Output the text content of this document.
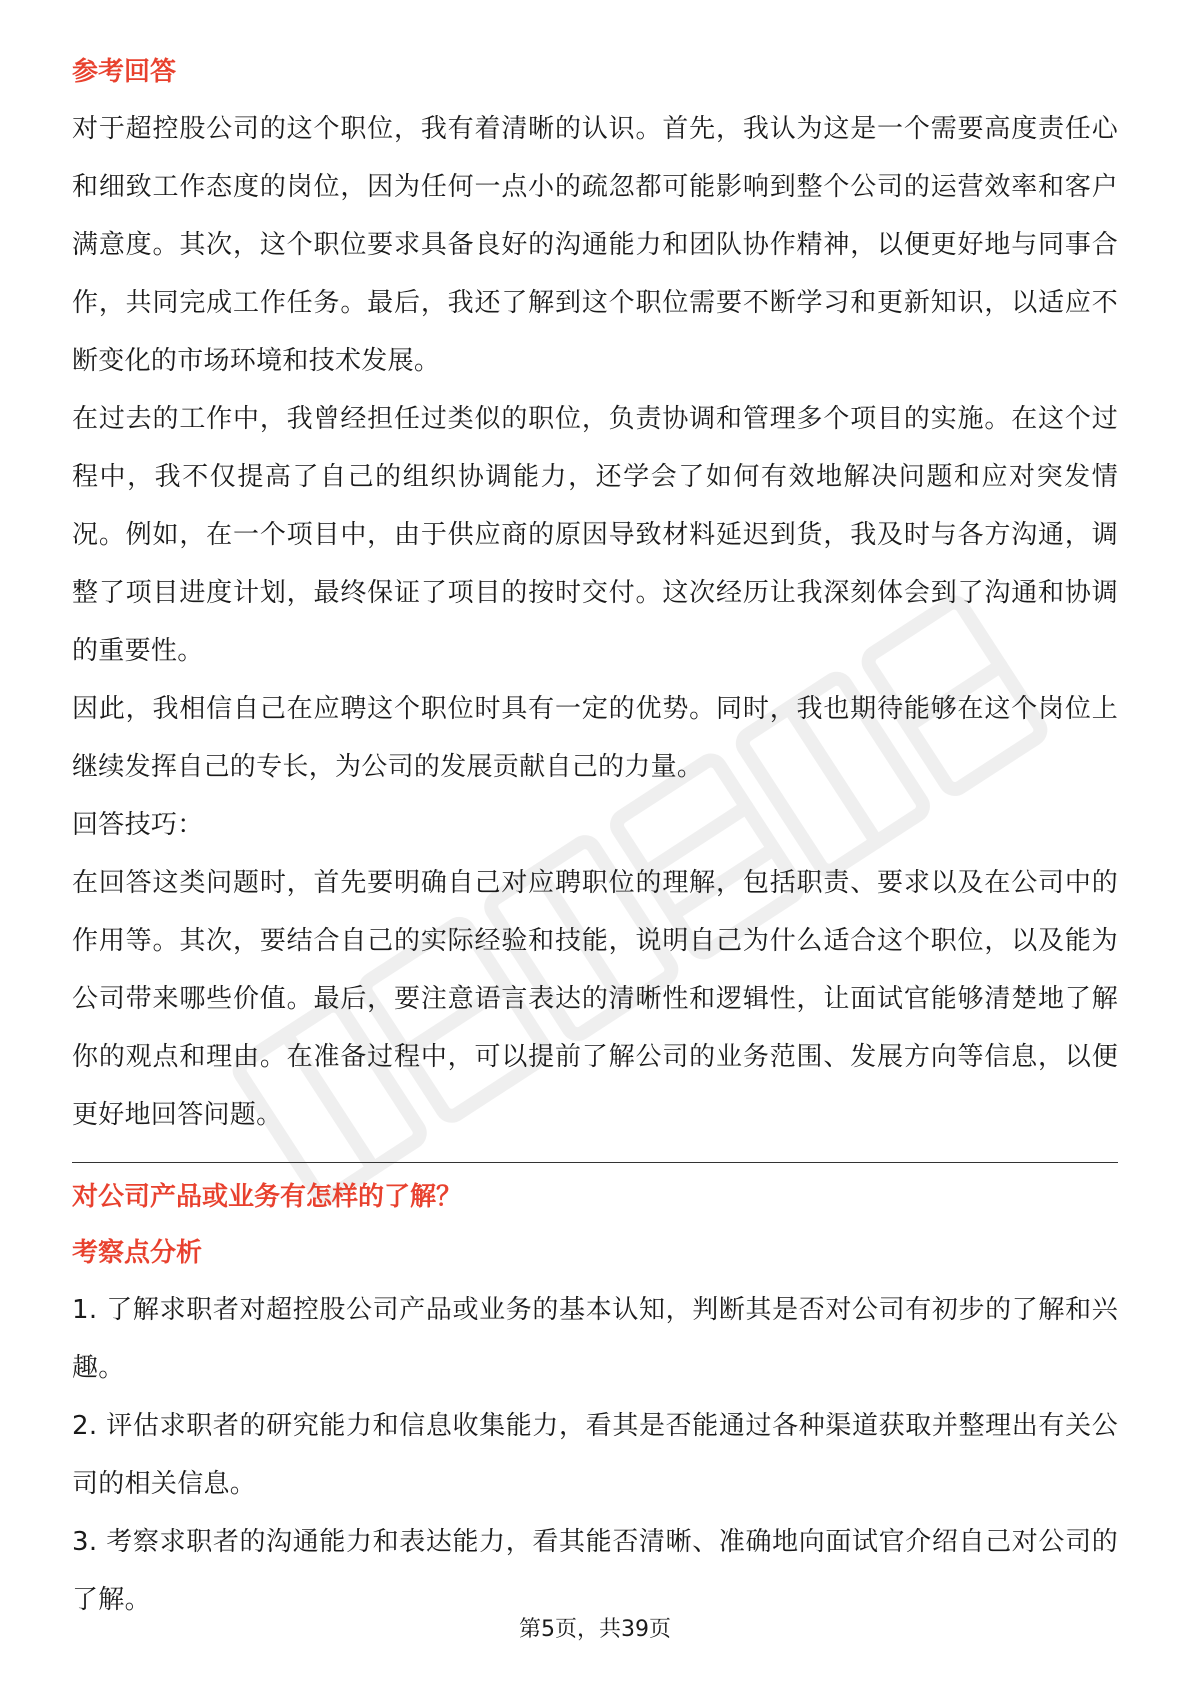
参考回答

对于超控股公司的这个职位，我有着清晰的认识。首先，我认为这是一个需要高度责任心和细致工作态度的岗位，因为任何一点小的疏忽都可能影响到整个公司的运营效率和客户满意度。其次，这个职位要求具备良好的沟通能力和团队协作精神，以便更好地与同事合作，共同完成工作任务。最后，我还了解到这个职位需要不断学习和更新知识，以适应不断变化的市场环境和技术发展。

在过去的工作中，我曾经担任过类似的职位，负责协调和管理多个项目的实施。在这个过程中，我不仅提高了自己的组织协调能力，还学会了如何有效地解决问题和应对突发情况。例如，在一个项目中，由于供应商的原因导致材料延迟到货，我及时与各方沟通，调整了项目进度计划，最终保证了项目的按时交付。这次经历让我深刻体会到了沟通和协调的重要性。

因此，我相信自己在应聘这个职位时具有一定的优势。同时，我也期待能够在这个岗位上继续发挥自己的专长，为公司的发展贡献自己的力量。

回答技巧：

在回答这类问题时，首先要明确自己对应聘职位的理解，包括职责、要求以及在公司中的作用等。其次，要结合自己的实际经验和技能，说明自己为什么适合这个职位，以及能为公司带来哪些价值。最后，要注意语言表达的清晰性和逻辑性，让面试官能够清楚地了解你的观点和理由。在准备过程中，可以提前了解公司的业务范围、发展方向等信息，以便更好地回答问题。

对公司产品或业务有怎样的了解？

考察点分析

1. 了解求职者对超控股公司产品或业务的基本认知，判断其是否对公司有初步的了解和兴趣。

2. 评估求职者的研究能力和信息收集能力，看其是否能通过各种渠道获取并整理出有关公司的相关信息。

3. 考察求职者的沟通能力和表达能力，看其能否清晰、准确地向面试官介绍自己对公司的了解。

第5页，共39页
